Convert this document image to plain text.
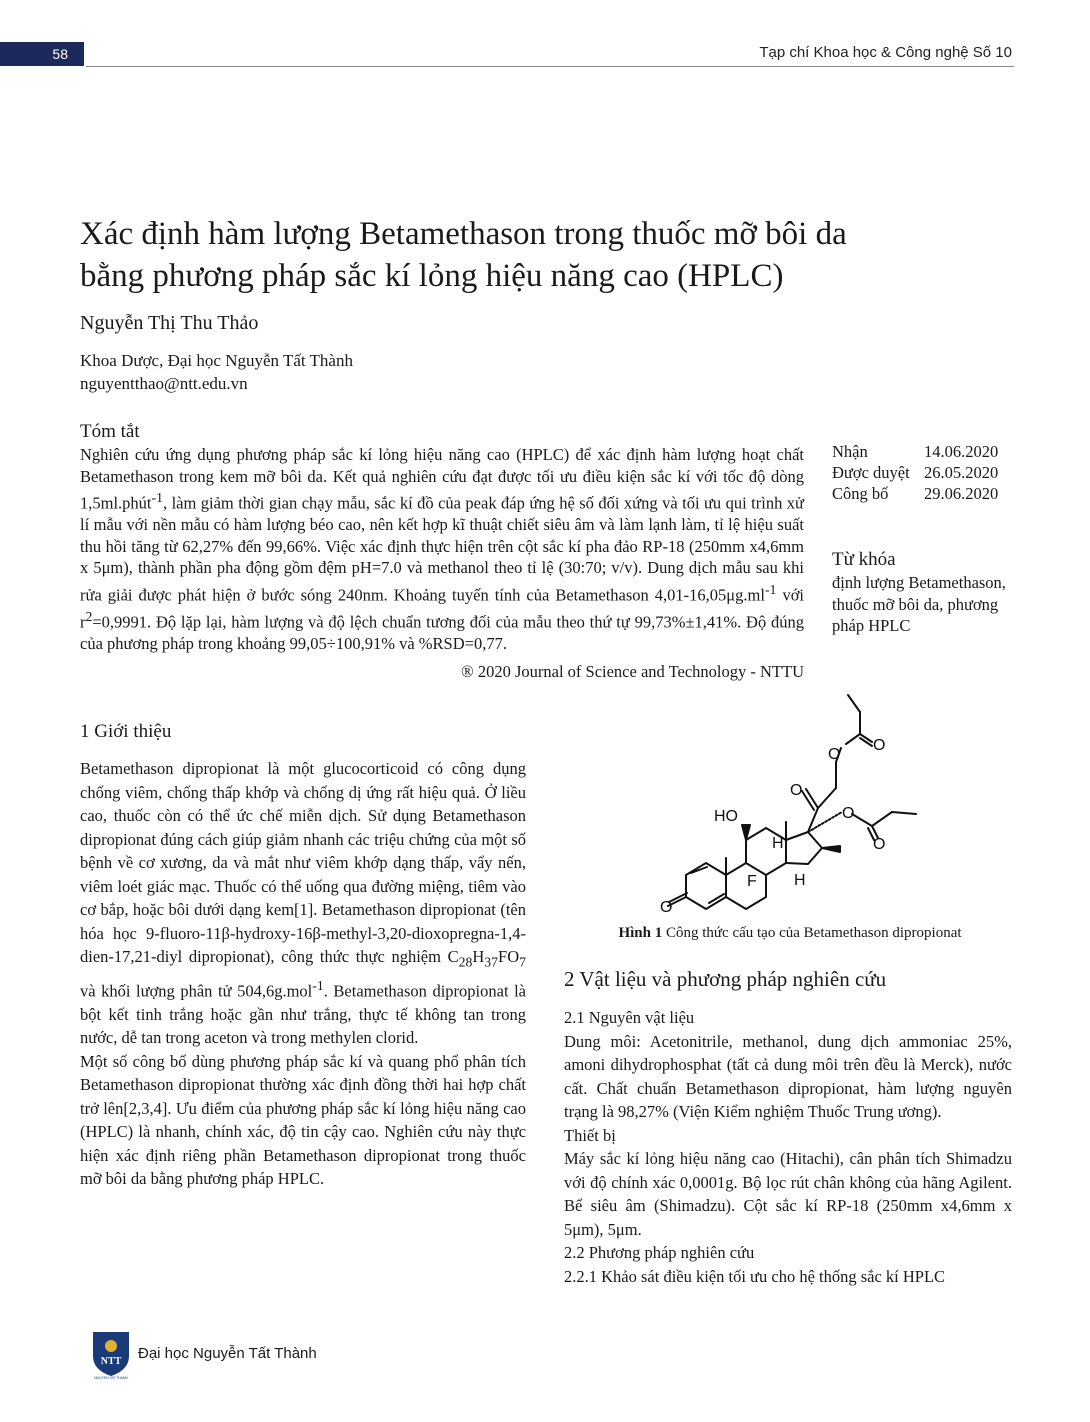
58	Tạp chí Khoa học & Công nghệ Số 10
Xác định hàm lượng Betamethason trong thuốc mỡ bôi da bằng phương pháp sắc kí lỏng hiệu năng cao (HPLC)
Nguyễn Thị Thu Thảo
Khoa Dược, Đại học Nguyễn Tất Thành
nguyentthao@ntt.edu.vn
Tóm tắt
Nghiên cứu ứng dụng phương pháp sắc kí lỏng hiệu năng cao (HPLC) để xác định hàm lượng hoạt chất Betamethason trong kem mỡ bôi da. Kết quả nghiên cứu đạt được tối ưu điều kiện sắc kí với tốc độ dòng 1,5ml.phút$^{-1}$, làm giảm thời gian chạy mẫu, sắc kí đồ của peak đáp ứng hệ số đối xứng và tối ưu qui trình xử lí mẫu với nền mẫu có hàm lượng béo cao, nên kết hợp kĩ thuật chiết siêu âm và làm lạnh làm, tỉ lệ hiệu suất thu hồi tăng từ 62,27% đến 99,66%. Việc xác định thực hiện trên cột sắc kí pha đảo RP-18 (250mm x4,6mm x 5μm), thành phần pha động gồm đệm pH=7.0 và methanol theo tỉ lệ (30:70; v/v). Dung dịch mẫu sau khi rửa giải được phát hiện ở bước sóng 240nm. Khoảng tuyến tính của Betamethason $4,01-16,05\mu g.ml^{-1}$ với $r^2=0,9991$. Độ lặp lại, hàm lượng và độ lệch chuẩn tương đối của mẫu theo thứ tự 99,73%±1,41%. Độ đúng của phương pháp trong khoảng 99,05÷100,91% và %RSD=0,77.
® 2020 Journal of Science and Technology - NTTU
Nhận	14.06.2020
Được duyệt 26.05.2020
Công bố	29.06.2020
Từ khóa
định lượng Betamethason, thuốc mỡ bôi da, phương pháp HPLC
1 Giới thiệu

Betamethason dipropionat là một glucocorticoid có công dụng chống viêm, chống thấp khớp và chống dị ứng rất hiệu quả. Ở liều cao, thuốc còn có thể ức chế miễn dịch. Sử dụng Betamethason dipropionat đúng cách giúp giảm nhanh các triệu chứng của một số bệnh về cơ xương, da và mắt như viêm khớp dạng thấp, vẩy nến, viêm loét giác mạc. Thuốc có thể uống qua đường miệng, tiêm vào cơ bắp, hoặc bôi dưới dạng kem[1]. Betamethason dipropionat (tên hóa học 9-fluoro-11β-hydroxy-16β-methyl-3,20-dioxopregna-1,4-dien-17,21-diyl dipropionat), công thức thực nghiệm $C_{28}H_{37}FO_7$ và khối lượng phân tử 504,6g.mol$^{-1}$. Betamethason dipropionat là bột kết tinh trắng hoặc gần như trắng, thực tế không tan trong nước, dễ tan trong aceton và trong methylen clorid.

Một số công bố dùng phương pháp sắc kí và quang phổ phân tích Betamethason dipropionat thường xác định đồng thời hai hợp chất trở lên[2,3,4]. Ưu điểm của phương pháp sắc kí lỏng hiệu năng cao (HPLC) là nhanh, chính xác, độ tin cậy cao. Nghiên cứu này thực hiện xác định riêng phần Betamethason dipropionat trong thuốc mỡ bôi da bằng phương pháp HPLC.

O
HO
H
H
F
O
O
O
O
O
Hình 1 Công thức cấu tạo của Betamethason dipropionat
2 Vật liệu và phương pháp nghiên cứu

2.1 Nguyên vật liệu

Dung môi: Acetonitrile, methanol, dung dịch ammoniac 25%, amoni dihydrophosphat (tất cả dung môi trên đều là Merck), nước cất. Chất chuẩn Betamethason dipropionat, hàm lượng nguyên trạng là 98,27% (Viện Kiểm nghiệm Thuốc Trung ương).

Thiết bị

Máy sắc kí lỏng hiệu năng cao (Hitachi), cân phân tích Shimadzu với độ chính xác 0,0001g. Bộ lọc rút chân không của hãng Agilent. Bể siêu âm (Shimadzu). Cột sắc kí RP-18 (250mm x4,6mm x 5μm), 5μm.

2.2 Phương pháp nghiên cứu

2.2.1 Khảo sát điều kiện tối ưu cho hệ thống sắc kí HPLC

NTT
NGUYEN TAT THANH
Đại học Nguyễn Tất Thành
